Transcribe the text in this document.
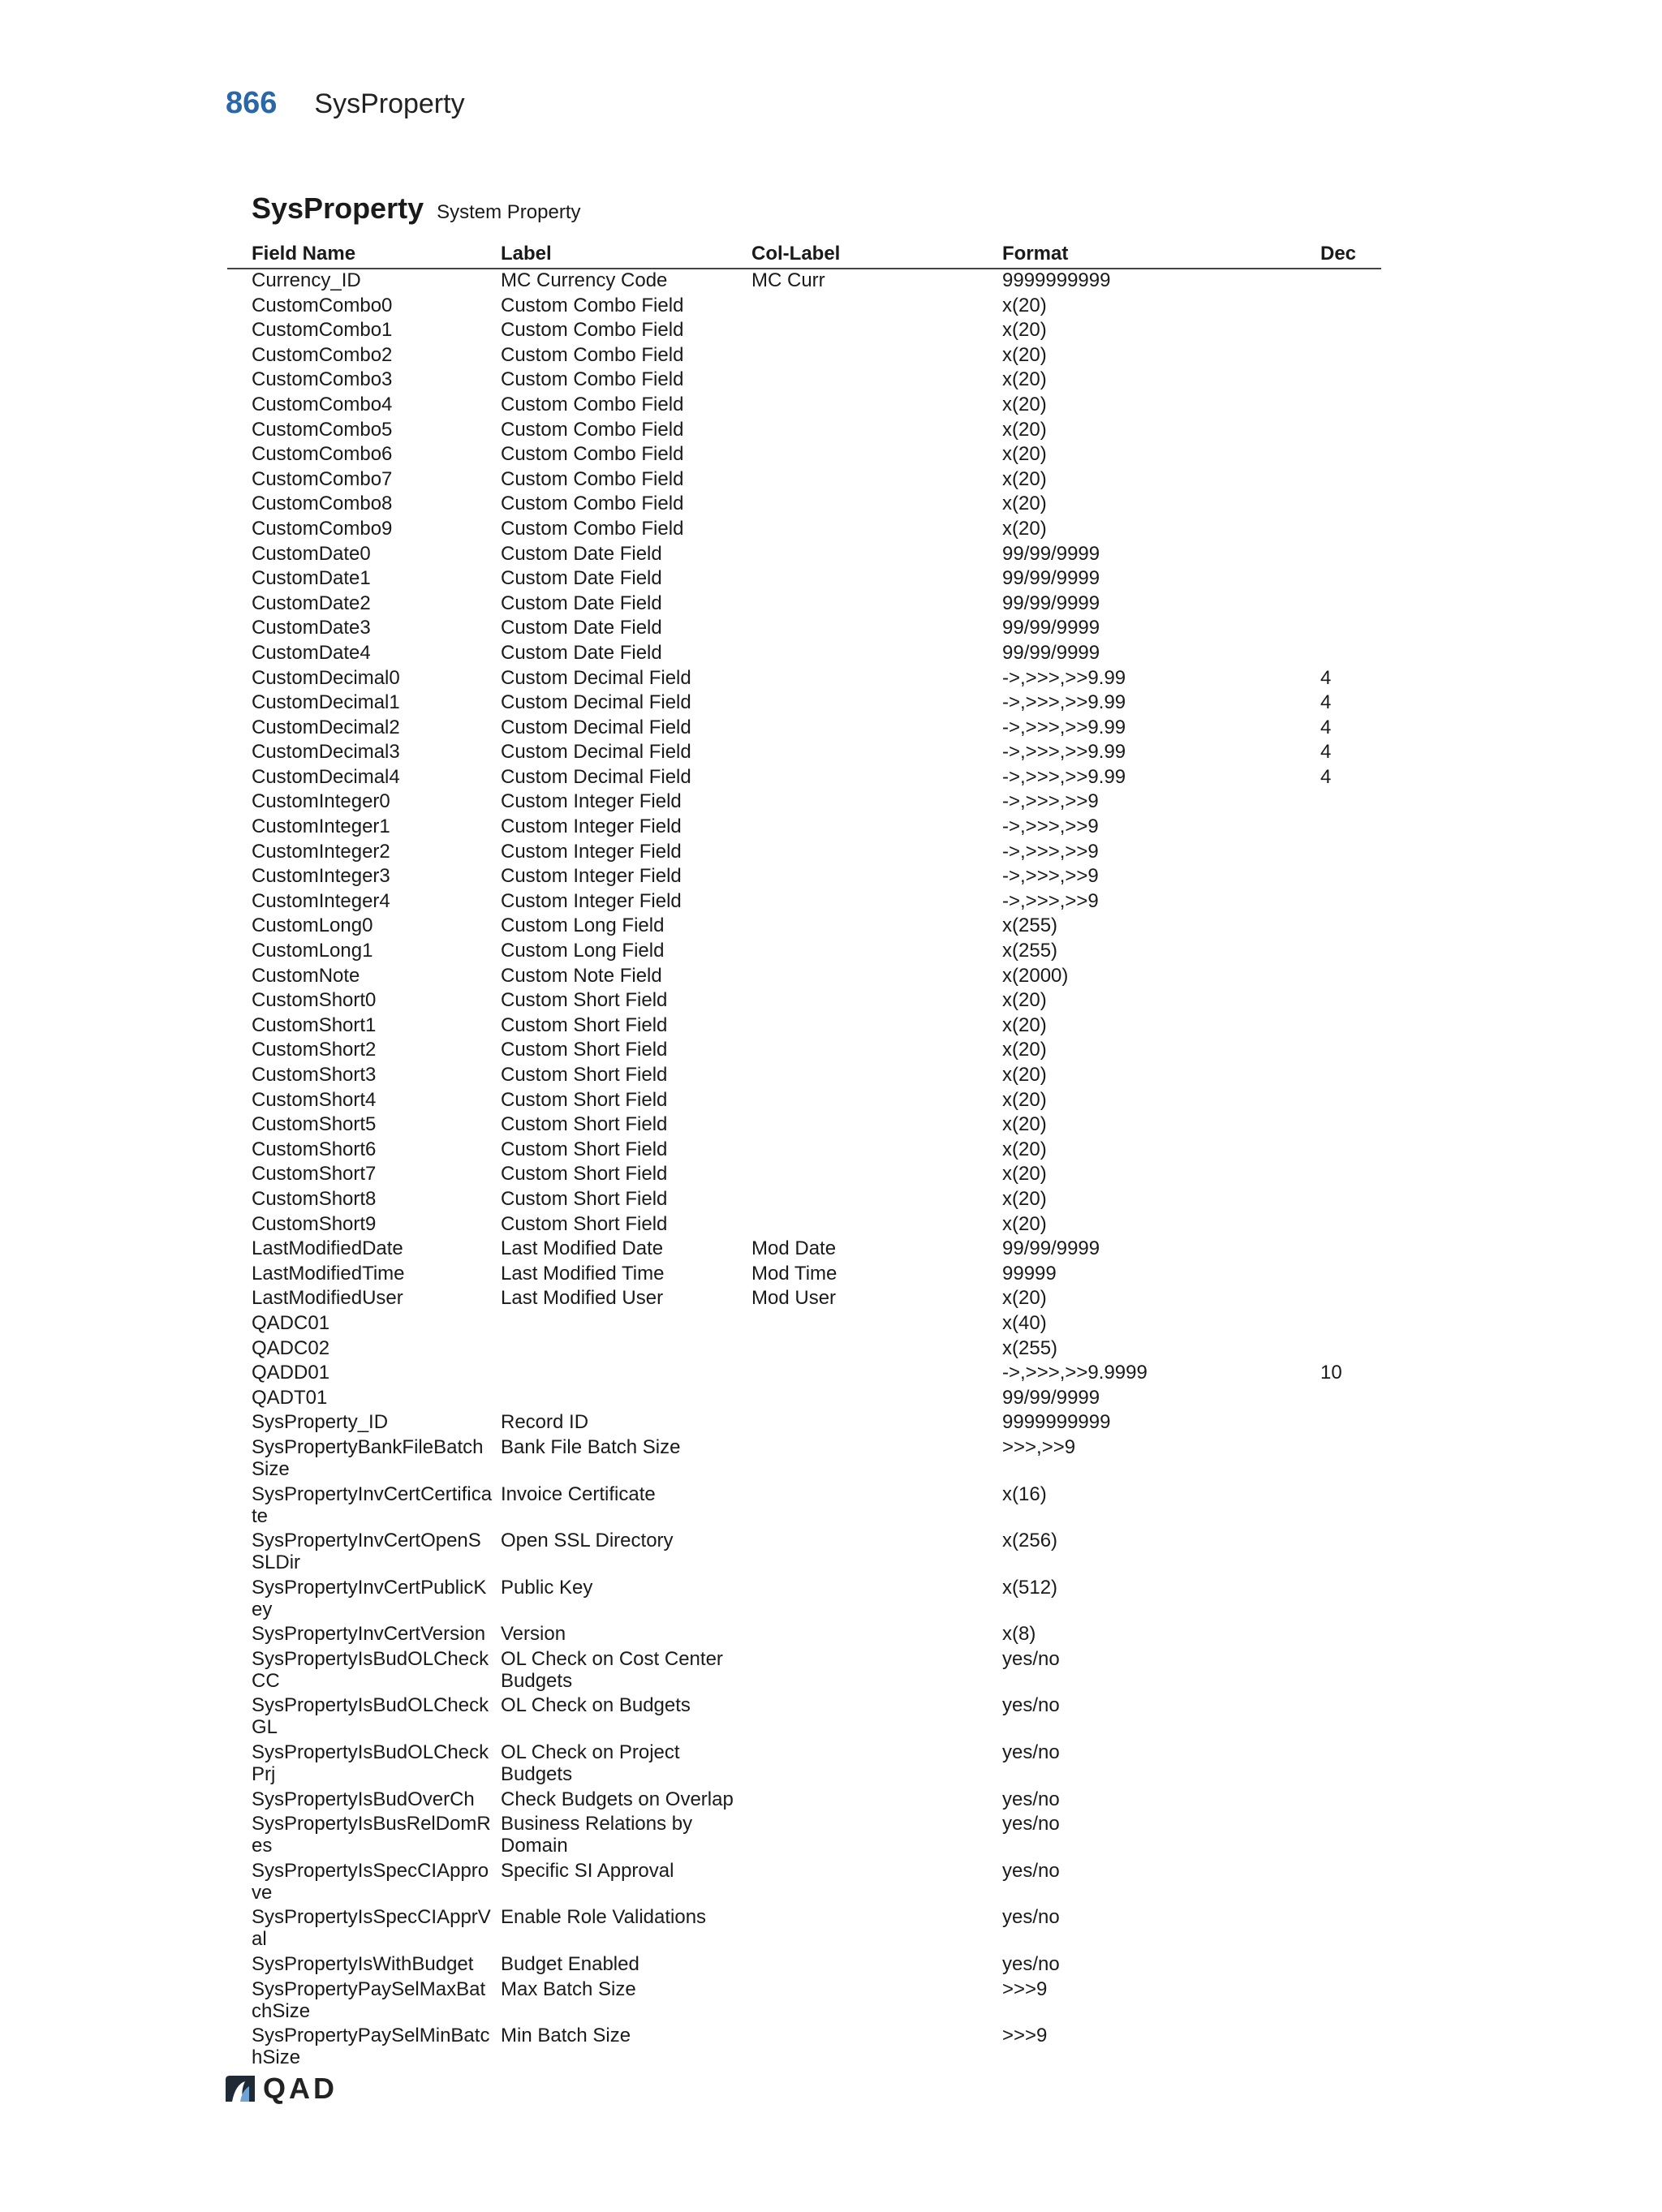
866 SysProperty
SysProperty System Property
Field Name	Label	Col-Label	Format	Dec
Currency_ID	MC Currency Code	MC Curr	9999999999	
CustomCombo0	Custom Combo Field		x(20)	
CustomCombo1	Custom Combo Field		x(20)	
CustomCombo2	Custom Combo Field		x(20)	
CustomCombo3	Custom Combo Field		x(20)	
CustomCombo4	Custom Combo Field		x(20)	
CustomCombo5	Custom Combo Field		x(20)	
CustomCombo6	Custom Combo Field		x(20)	
CustomCombo7	Custom Combo Field		x(20)	
CustomCombo8	Custom Combo Field		x(20)	
CustomCombo9	Custom Combo Field		x(20)	
CustomDate0	Custom Date Field		99/99/9999	
CustomDate1	Custom Date Field		99/99/9999	
CustomDate2	Custom Date Field		99/99/9999	
CustomDate3	Custom Date Field		99/99/9999	
CustomDate4	Custom Date Field		99/99/9999	
CustomDecimal0	Custom Decimal Field		->,>>>,>>9.99	4
CustomDecimal1	Custom Decimal Field		->,>>>,>>9.99	4
CustomDecimal2	Custom Decimal Field		->,>>>,>>9.99	4
CustomDecimal3	Custom Decimal Field		->,>>>,>>9.99	4
CustomDecimal4	Custom Decimal Field		->,>>>,>>9.99	4
CustomInteger0	Custom Integer Field		->,>>>,>>9	
CustomInteger1	Custom Integer Field		->,>>>,>>9	
CustomInteger2	Custom Integer Field		->,>>>,>>9	
CustomInteger3	Custom Integer Field		->,>>>,>>9	
CustomInteger4	Custom Integer Field		->,>>>,>>9	
CustomLong0	Custom Long Field		x(255)	
CustomLong1	Custom Long Field		x(255)	
CustomNote	Custom Note Field		x(2000)	
CustomShort0	Custom Short Field		x(20)	
CustomShort1	Custom Short Field		x(20)	
CustomShort2	Custom Short Field		x(20)	
CustomShort3	Custom Short Field		x(20)	
CustomShort4	Custom Short Field		x(20)	
CustomShort5	Custom Short Field		x(20)	
CustomShort6	Custom Short Field		x(20)	
CustomShort7	Custom Short Field		x(20)	
CustomShort8	Custom Short Field		x(20)	
CustomShort9	Custom Short Field		x(20)	
LastModifiedDate	Last Modified Date	Mod Date	99/99/9999	
LastModifiedTime	Last Modified Time	Mod Time	99999	
LastModifiedUser	Last Modified User	Mod User	x(20)	
QADC01			x(40)	
QADC02			x(255)	
QADD01			->,>>>,>>9.9999	10
QADT01			99/99/9999	
SysProperty_ID	Record ID		9999999999	
SysPropertyBankFileBatchSize	Bank File Batch Size		>>>,>>9	
SysPropertyInvCertCertificate	Invoice Certificate		x(16)	
SysPropertyInvCertOpenSSLDir	Open SSL Directory		x(256)	
SysPropertyInvCertPublicKey	Public Key		x(512)	
SysPropertyInvCertVersion	Version		x(8)	
SysPropertyIsBudOLCheckCC	OL Check on Cost Center Budgets		yes/no	
SysPropertyIsBudOLCheckGL	OL Check on Budgets		yes/no	
SysPropertyIsBudOLCheckPrj	OL Check on Project Budgets		yes/no	
SysPropertyIsBudOverCh	Check Budgets on Overlap		yes/no	
SysPropertyIsBusRelDomRes	Business Relations by Domain		yes/no	
SysPropertyIsSpecCIApprove	Specific SI Approval		yes/no	
SysPropertyIsSpecCIApprVal	Enable Role Validations		yes/no	
SysPropertyIsWithBudget	Budget Enabled		yes/no	
SysPropertyPaySelMaxBatchSize	Max Batch Size		>>>9	
SysPropertyPaySelMinBatchSize	Min Batch Size		>>>9	
QAD
